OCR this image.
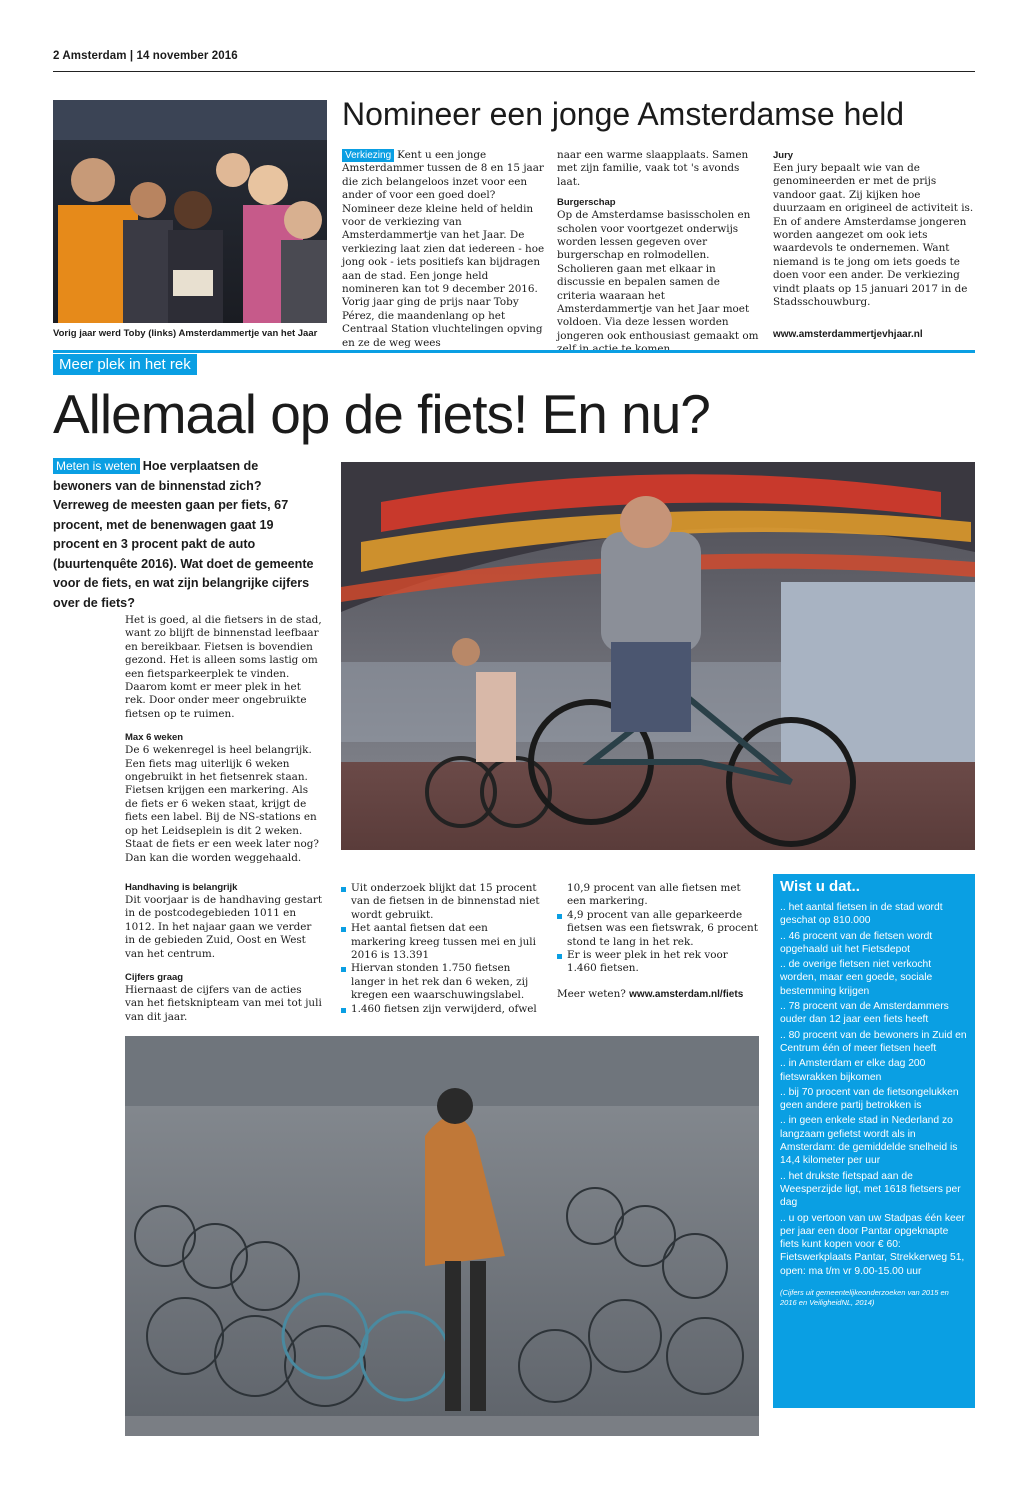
2 Amsterdam | 14 november 2016
Vorig jaar werd Toby (links) Amsterdammertje van het Jaar
Nomineer een jonge Amsterdamse held

Verkiezing Kent u een jonge Amsterdammer tussen de 8 en 15 jaar die zich belangeloos inzet voor een ander of voor een goed doel? Nomineer deze kleine held of heldin voor de verkiezing van Amsterdammertje van het Jaar. De verkiezing laat zien dat iedereen - hoe jong ook - iets positiefs kan bijdragen aan de stad. Een jonge held nomineren kan tot 9 december 2016.

Vorig jaar ging de prijs naar Toby Pérez, die maandenlang op het Centraal Station vluchtelingen opving en ze de weg wees

naar een warme slaapplaats. Samen met zijn familie, vaak tot 's avonds laat.

Burgerschap

Op de Amsterdamse basisscholen en scholen voor voortgezet onderwijs worden lessen gegeven over burgerschap en rolmodellen. Scholieren gaan met elkaar in discussie en bepalen samen de criteria waaraan het Amsterdammertje van het Jaar moet voldoen. Via deze lessen worden jongeren ook enthousiast gemaakt om

Jury

Een jury bepaalt wie van de genomineerden er met de prijs vandoor gaat. Zij kijken hoe duurzaam en origineel de activiteit is. En of andere Amsterdamse jongeren worden aangezet om ook iets waardevols te ondernemen. Want niemand is te jong om iets goeds te doen voor een ander. De verkiezing vindt plaats op 15 januari 2017 in de Stadsschouwburg.

www.amsterdammertjevhjaar.nl
Meer plek in het rek
Allemaal op de fiets! En nu?
Meten is weten Hoe verplaatsen de bewoners van de binnenstad zich? Verreweg de meesten gaan per fiets, 67 procent, met de benenwagen gaat 19 procent en 3 procent pakt de auto (buurtenquête 2016). Wat doet de gemeente voor de fiets, en wat zijn belangrijke cijfers over de fiets?

Het is goed, al die fietsers in de stad, want zo blijft de binnenstad leefbaar en bereikbaar. Fietsen is bovendien gezond. Het is alleen soms lastig om een fietsparkeerplek te vinden. Daarom komt er meer plek in het rek. Door onder meer ongebruikte fietsen op te ruimen.

Max 6 weken

De 6 wekenregel is heel belangrijk. Een fiets mag uiterlijk 6 weken ongebruikt in het fietsenrek staan. Fietsen krijgen een markering. Als de fiets er 6 weken staat, krijgt de fiets een label. Bij de NS-stations en op het Leidseplein is dit 2 weken. Staat de fiets er een week later nog? Dan kan die worden weggehaald.

Handhaving is belangrijk

Dit voorjaar is de handhaving gestart in de postcodegebieden 1011 en 1012. In het najaar gaan we verder in de gebieden Zuid, Oost en West van het centrum.

Cijfers graag

Hiernaast de cijfers van de acties van het fietsknipteam van mei tot juli van dit jaar.

Uit onderzoek blijkt dat 15 procent van de fietsen in de binnenstad niet wordt gebruikt.
Het aantal fietsen dat een markering kreeg tussen mei en juli 2016 is 13.391
Hiervan stonden 1.750 fietsen langer in het rek dan 6 weken, zij kregen een waarschuwingslabel.
1.460 fietsen zijn verwijderd, ofwel

10,9 procent van alle fietsen met een markering.

4,9 procent van alle geparkeerde fietsen was een fietswrak, 6 procent stond te lang in het rek.
Er is weer plek in het rek voor 1.460 fietsen.

Meer weten? www.amsterdam.nl/fiets

Wist u dat..
.. het aantal fietsen in de stad wordt geschat op 810.000
.. 46 procent van de fietsen wordt opgehaald uit het Fietsdepot
.. de overige fietsen niet verkocht worden, maar een goede, sociale bestemming krijgen
.. 78 procent van de Amsterdammers ouder dan 12 jaar een fiets heeft
.. 80 procent van de bewoners in Zuid en Centrum één of meer fietsen heeft
.. in Amsterdam er elke dag 200 fietswrakken bijkomen
.. bij 70 procent van de fietsongelukken geen andere partij betrokken is
.. in geen enkele stad in Nederland zo langzaam gefietst wordt als in Amsterdam: de gemiddelde snelheid is 14,4 kilometer per uur
.. het drukste fietspad aan de Weesperzijde ligt, met 1618 fietsers per dag
.. u op vertoon van uw Stadpas één keer per jaar een door Pantar opgeknapte fiets kunt kopen voor € 60: Fietswerkplaats Pantar, Strekkerweg 51, open: ma t/m vr 9.00-15.00 uur
(Cijfers uit gemeentelijkeonderzoeken van 2015 en 2016 en VeiligheidNL, 2014)
